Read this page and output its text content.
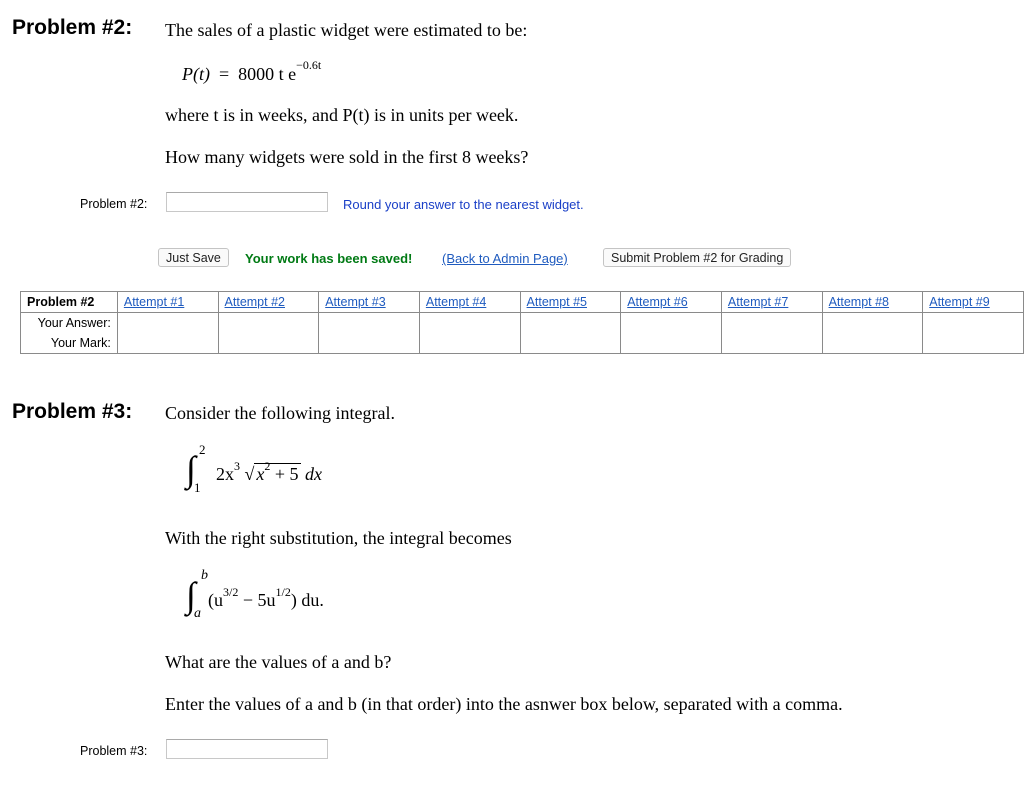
Problem #2: The sales of a plastic widget were estimated to be:
P(t) = 8000 t $e^{-0.6t}$
where t is in weeks, and P(t) is in units per week.
How many widgets were sold in the first 8 weeks?
Problem #2:	Round your answer to the nearest widget.
Just Save	Your work has been saved! (Back to Admin Page)	Submit Problem #2 for Grading
Problem #2	Attempt #1	Attempt #2	Attempt #3	Attempt #4	Attempt #5	Attempt #6	Attempt #7	Attempt #8	Attempt #9
Your Answer:									
Your Mark:									
Problem #3: Consider the following integral.
∫ 2
1
$2x^3$ √ $x^2 + 5$ dx
With the right substitution, the integral becomes
∫ b
a
$(u^{3/2} - 5u^{1/2})$ du.
What are the values of a and b?
Enter the values of a and b (in that order) into the asnwer box below, separated with a comma.
Problem #3:
